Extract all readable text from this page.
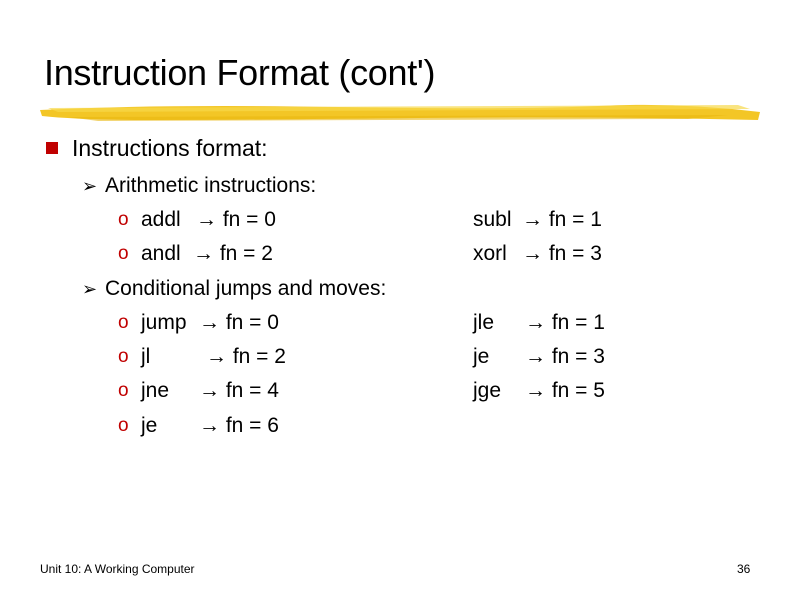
Instruction Format (cont')
Instructions format:
➢ Arithmetic instructions:
o addl → fn = 0
o andl → fn = 2
subl → fn = 1
xorl → fn = 3
➢ Conditional jumps and moves:
o jump → fn = 0
o jl	→ fn = 2
o jne → fn = 4
o je → fn = 6
jle → fn = 1
je → fn = 3
jge → fn = 5
Unit 10: A Working Computer	36
